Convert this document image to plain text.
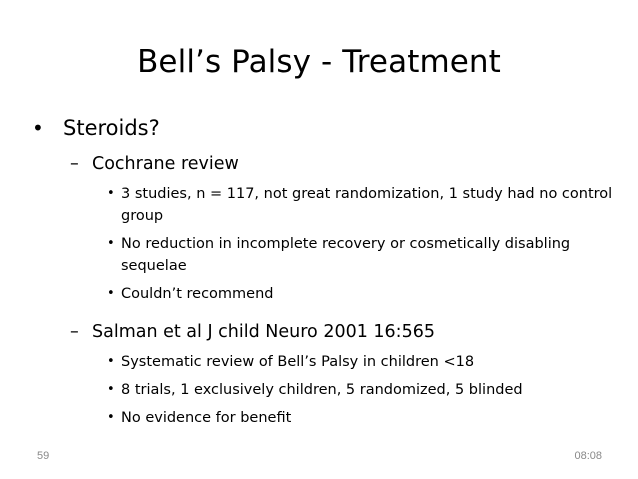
Bell’s Palsy - Treatment
• Steroids?
– Cochrane review
• 3 studies, n = 117, not great randomization, 1 study had no control group
• No reduction in incomplete recovery or cosmetically disabling sequelae
• Couldn’t recommend
– Salman et al J child Neuro 2001 16:565
• Systematic review of Bell’s Palsy in children <18
• 8 trials, 1 exclusively children, 5 randomized, 5 blinded
• No evidence for benefit
59	08:08
